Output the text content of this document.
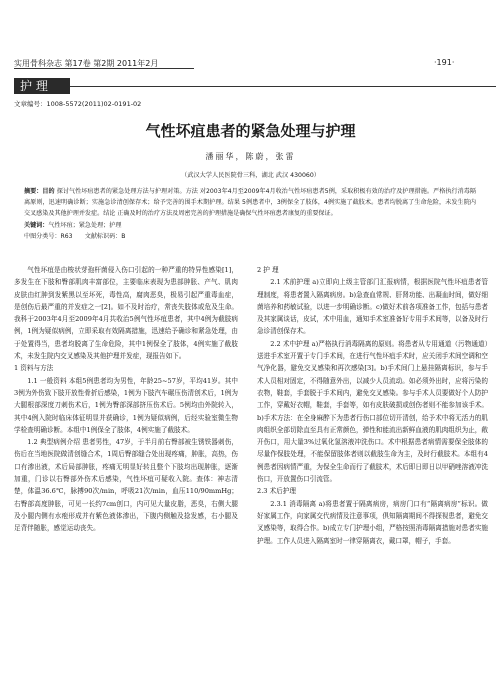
实用骨科杂志 第17卷 第2期 2011年2月	·191·
护 理
文章编号：1008-5572(2011)02-0191-02
气性坏疽患者的紧急处理与护理
潘丽华，陈蔚，张雷
（武汉大学人民医院骨三科，湖北 武汉 430060）

摘要：目的 探讨气性坏疽患者的紧急处理方法与护理对策。方法 对2003年4月至2009年4月收治气性坏疽患者5例，采取积极有效的治疗及护理措施。严格执行消毒隔离原则，迅速明确诊断；实施急诊清创保存术；给予完善的围手术期护理。结果 5例患者中，3例保全了肢体，4例实施了截肢术。患者均脱离了生命危险，未发生院内交叉感染及其他护理并发症。结论 正确及时的治疗方法及周密完善的护理措施是确保气性坏疽患者康复的重要保证。

关键词：气性坏疽；紧急处理；护理

中图分类号：R63　　文献标识码：B

气性坏疽是由梭状芽孢杆菌侵入伤口引起的一种严重的特异性感染[1]，多发生在下肢和臀部肌肉丰富部位，主要临床表现为患部肿胀、产气、肌肉皮肤由红肿到发紫黑以至坏死，毒性高，腐肉恶臭，极易引起严重毒血症，是创伤后最严重的并发症之一[2]。如不及时治疗，常丧失肢体或危及生命。我科于2003年4月至2009年4月共收治5例气性坏疽患者，其中4例为截肢病例，1例为疑似病例，立即采取有效隔离措施，迅速给予确诊和紧急处理，由于处置得当，患者均脱离了生命危险，其中1例保全了肢体，4例实施了截肢术，未发生院内交叉感染及其他护理并发症，现报告如下。

1 资料与方法

1.1 一般资料 本组5例患者均为男性，年龄25~57岁，平均41岁。其中3例为外伤致下肢开放性骨折后感染，1例为下肢汽车碾压伤清创术后，1例为大腿根部深度刀刺伤术后，1例为臀部深部挤压伤术后。5例均由外院转入，其中4例入院时临床体征明显并获确诊，1例为疑似病例，后经实验室微生物学检查明确诊断。本组中1例保全了肢体，4例实施了截肢术。

1.2 典型病例介绍 患者男性，47岁，于半月前右臀部被生锈铁器刺伤，伤后在当地医院做清创缝合术，1周后臀部缝合处出现疼痛，肿胀，高热，伤口有渗出液，术后局部肿胀，疼痛无明显好转且整个下肢均出现肿胀，逐渐加重，门诊以右臀部外伤术后感染，气性坏疽可疑收入院。查体：神志清楚，体温36.6℃，脉搏90次/min，呼吸21次/min，血压110/90mmHg；右臀部高度肿胀，可见一长约7cm创口，内可见大量皮脂，恶臭，右侧大腿及小腿内侧有水疱形成并有紫色液体渗出，下腹内侧触及捻发感，右小腿及足背伴随胀，感觉运动丧失。

2 护 理

2.1 术前护理 a)立即向上级主管部门汇报病情，根据医院气性坏疽患者管理制度，将患者置入隔离病房。b)急查血常规、肝肾功能、出凝血时间，做好细菌培养和药敏试验，以进一步明确诊断。c)做好术前各项准备工作，包括与患者及其家属谈话，皮试，术中用血，通知手术室准备好专用手术间等，以备及时行急诊清创保存术。

2.2 术中护理 a)严格执行消毒隔离的原则。将患者从专用通道（污物通道）送进手术室开置于专门手术间，在进行气性坏疽手术时，应关闭手术间空调和空气净化器，避免交叉感染和再次感染[3]。b)手术间门上悬挂隔离标识，参与手术人员相对固定，不得随意外出，以减少人员流动。如必须外出时，应将污染的衣物，鞋套，手套脱于手术间内，避免交叉感染。参与手术人员要做好个人防护工作，穿戴好衣帽，鞋套，手套等，如有皮肤破损或创伤者则不能参加该手术。b)手术方法：在全身麻醉下为患者行伤口部位切开清创，给予术中将无活力的肌肉组织全部切除直至具有正常颜色，弹性和能流出新鲜血液的肌肉组织为止，敞开伤口，用大量3%过氧化氢溶液冲洗伤口。术中根据患者病情需要保全肢体的尽量作保肢处理，不能保留肢体者则以截肢生命为主，及时行截肢术。本组有4例患者因病情严重，为保全生命而行了截肢术，术后即日即日以甲硝唑溶液冲洗伤口，开放置伤口引流管。

2.3 术后护理

2.3.1 消毒隔离 a)将患者置于隔离病房，病房门口有“隔离病房”标识。做好家属工作，向家属交代病情及注意事项，俱知隔离期间不得探视患者，避免交叉感染等，取得合作。b)成立专门护理小组，严格按照消毒隔离措施对患者实施护理。工作人员进入隔离室时一律穿隔离衣，戴口罩，帽子，手套。
